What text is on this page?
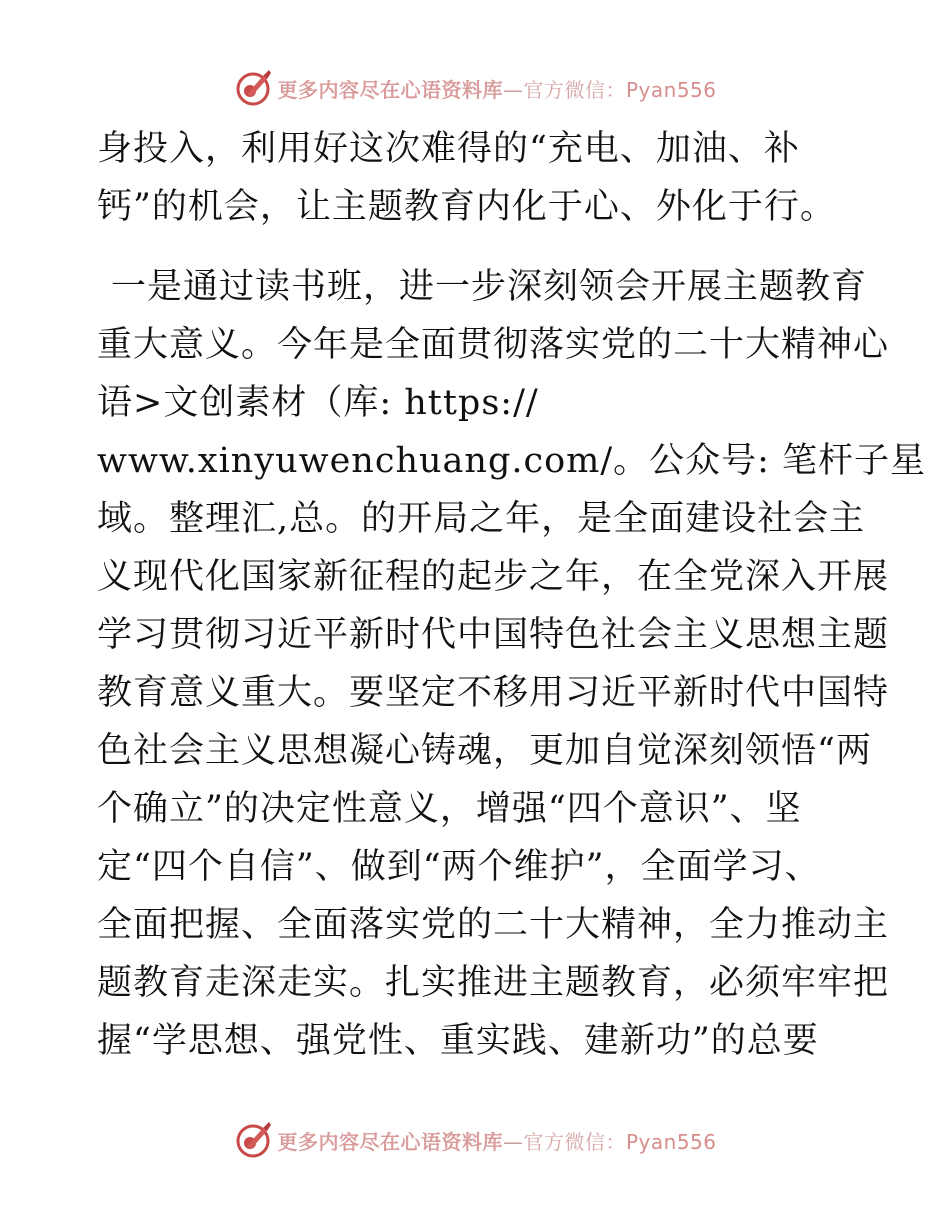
更多内容尽在心语资料库—官方微信：Pyan556
身投入，利用好这次难得的“充电、加油、补
钙”的机会，让主题教育内化于心、外化于行。
一是通过读书班，进一步深刻领会开展主题教育
重大意义。今年是全面贯彻落实党的二十大精神心
语>文创素材（库: https://
www.xinyuwenchuang.com/。公众号: 笔杆子星
域。整理汇,总。的开局之年，是全面建设社会主
义现代化国家新征程的起步之年，在全党深入开展
学习贯彻习近平新时代中国特色社会主义思想主题
教育意义重大。要坚定不移用习近平新时代中国特
色社会主义思想凝心铸魂，更加自觉深刻领悟“两
个确立”的决定性意义，增强“四个意识”、坚
定“四个自信”、做到“两个维护”，全面学习、
全面把握、全面落实党的二十大精神，全力推动主
题教育走深走实。扎实推进主题教育，必须牢牢把
握“学思想、强党性、重实践、建新功”的总要
更多内容尽在心语资料库—官方微信：Pyan556
